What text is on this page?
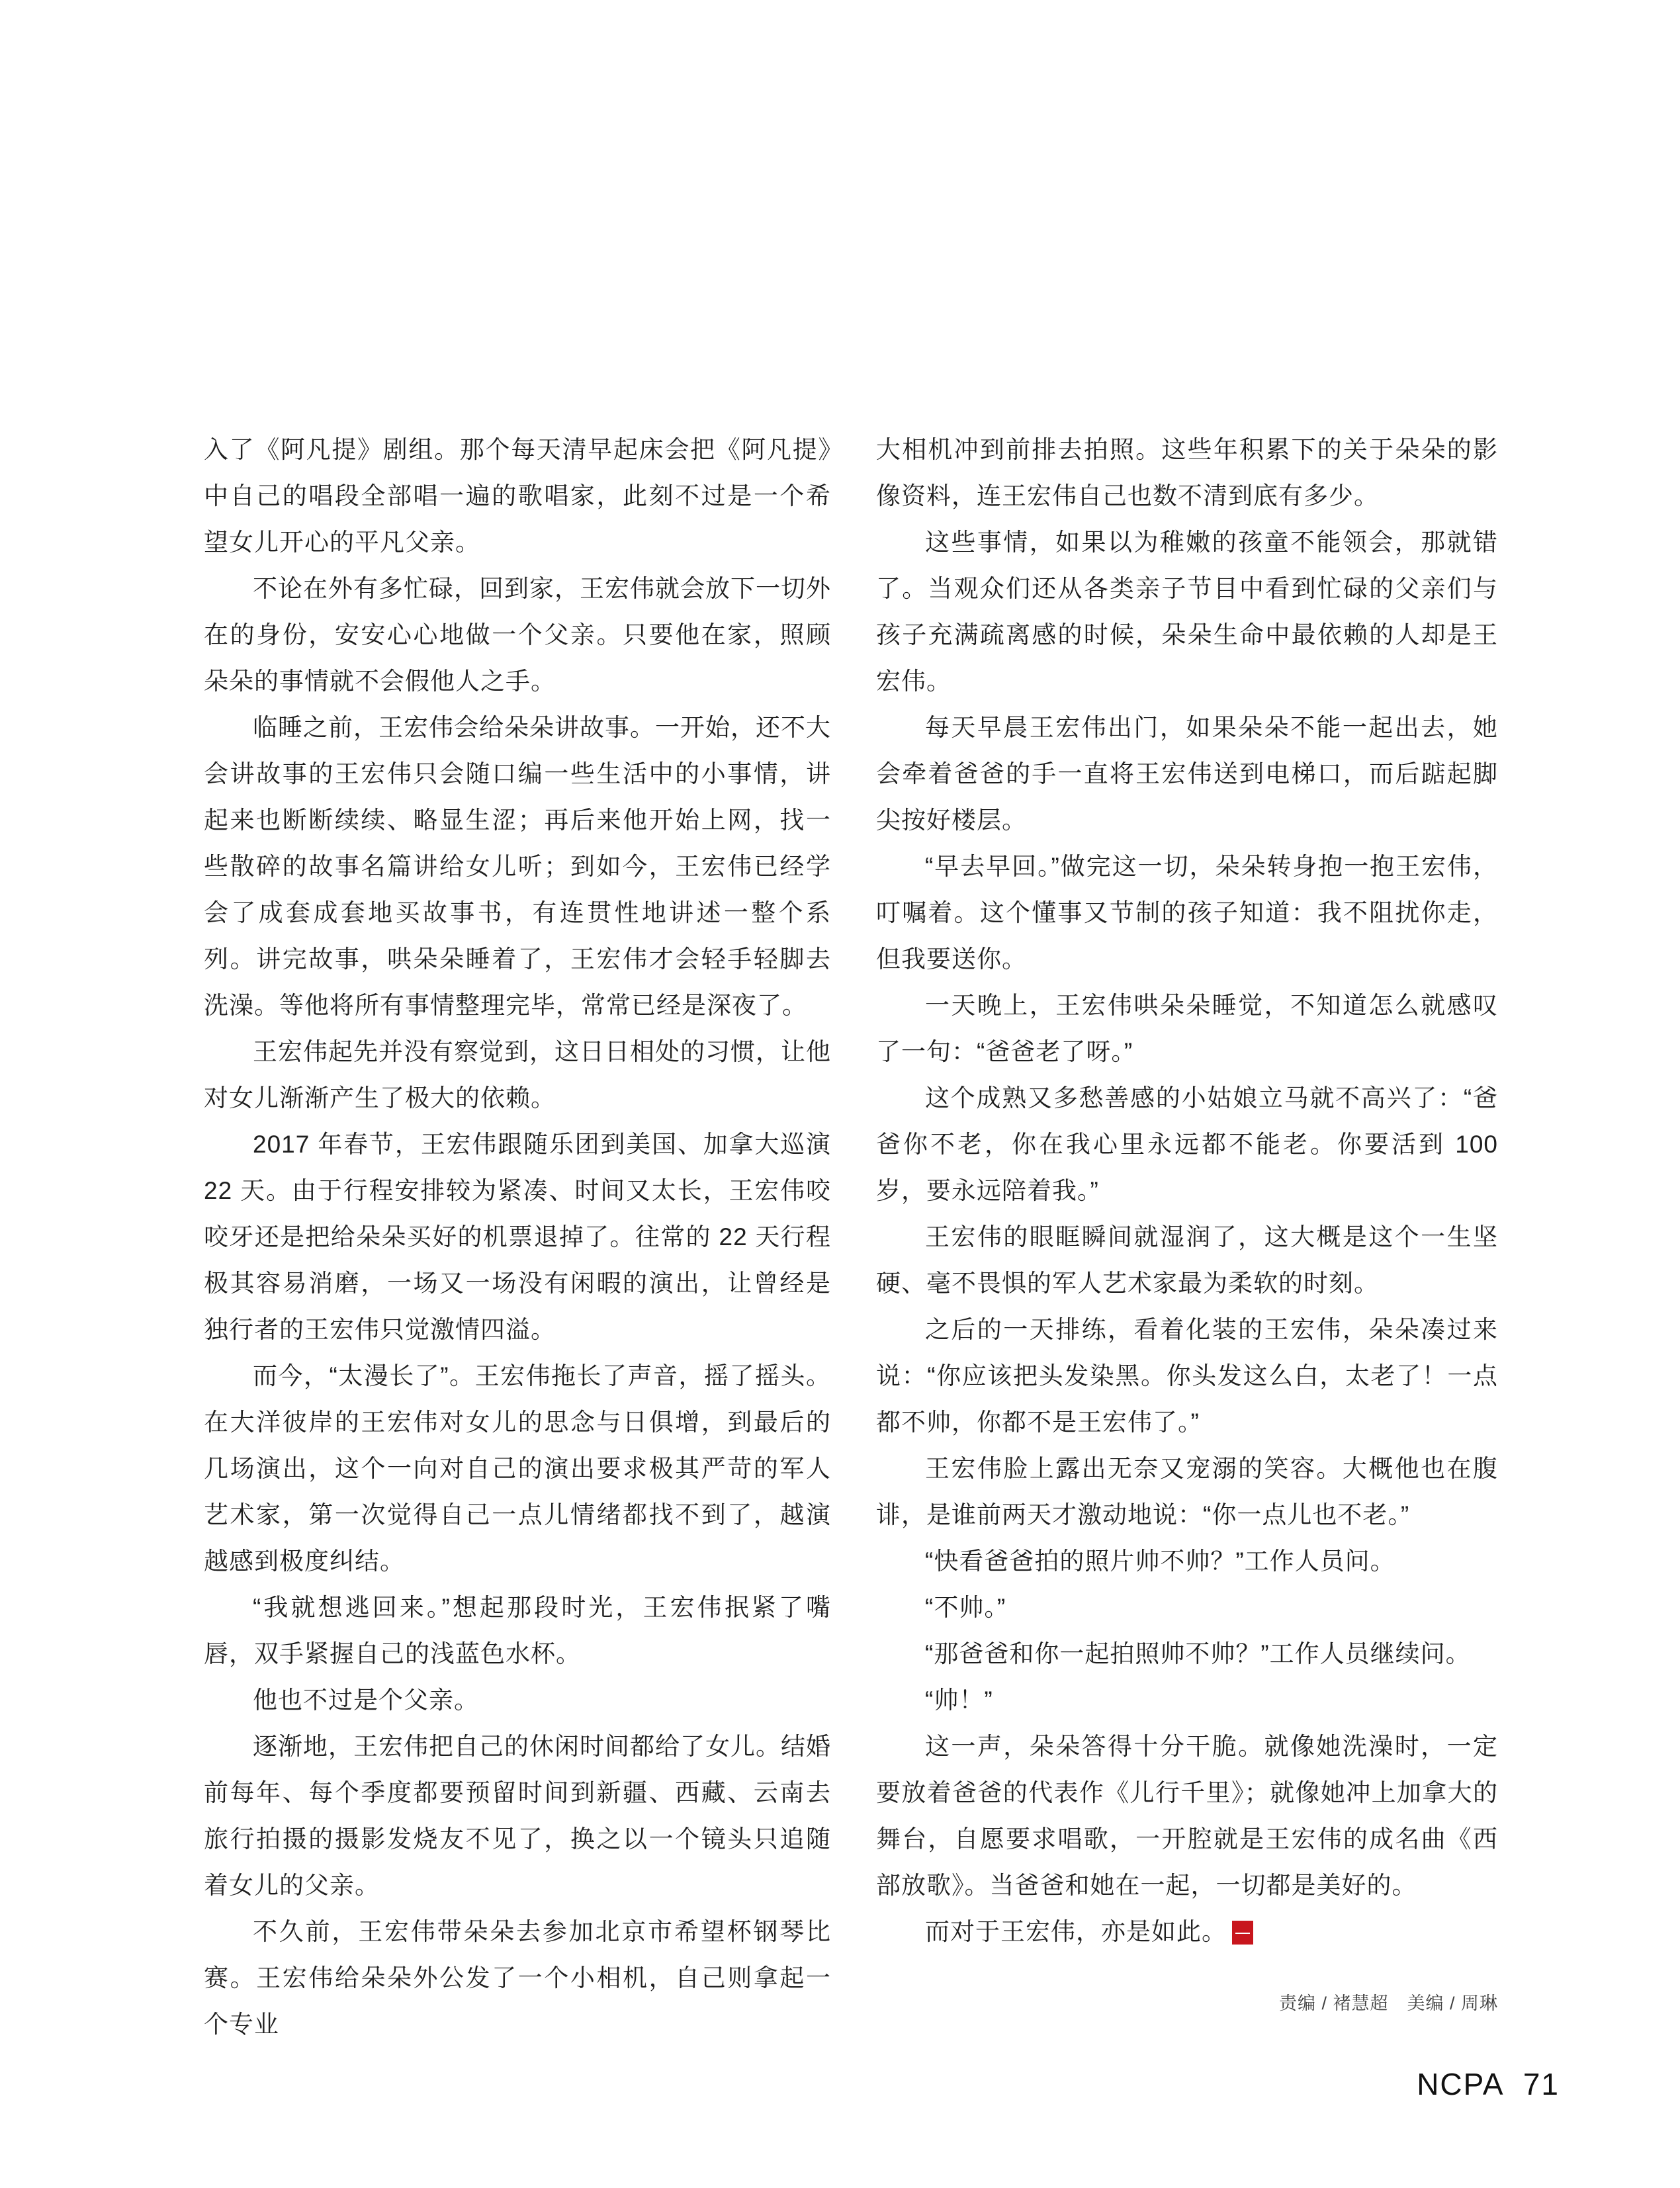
入了《阿凡提》剧组。那个每天清早起床会把《阿凡提》中自己的唱段全部唱一遍的歌唱家，此刻不过是一个希望女儿开心的平凡父亲。

不论在外有多忙碌，回到家，王宏伟就会放下一切外在的身份，安安心心地做一个父亲。只要他在家，照顾朵朵的事情就不会假他人之手。

临睡之前，王宏伟会给朵朵讲故事。一开始，还不大会讲故事的王宏伟只会随口编一些生活中的小事情，讲起来也断断续续、略显生涩；再后来他开始上网，找一些散碎的故事名篇讲给女儿听；到如今，王宏伟已经学会了成套成套地买故事书，有连贯性地讲述一整个系列。讲完故事，哄朵朵睡着了，王宏伟才会轻手轻脚去洗澡。等他将所有事情整理完毕，常常已经是深夜了。

王宏伟起先并没有察觉到，这日日相处的习惯，让他对女儿渐渐产生了极大的依赖。

2017 年春节，王宏伟跟随乐团到美国、加拿大巡演 22 天。由于行程安排较为紧凑、时间又太长，王宏伟咬咬牙还是把给朵朵买好的机票退掉了。往常的 22 天行程极其容易消磨，一场又一场没有闲暇的演出，让曾经是独行者的王宏伟只觉激情四溢。

而今，“太漫长了”。王宏伟拖长了声音，摇了摇头。在大洋彼岸的王宏伟对女儿的思念与日俱增，到最后的几场演出，这个一向对自己的演出要求极其严苛的军人艺术家，第一次觉得自己一点儿情绪都找不到了，越演越感到极度纠结。

“我就想逃回来。”想起那段时光，王宏伟抿紧了嘴唇，双手紧握自己的浅蓝色水杯。

他也不过是个父亲。

逐渐地，王宏伟把自己的休闲时间都给了女儿。结婚前每年、每个季度都要预留时间到新疆、西藏、云南去旅行拍摄的摄影发烧友不见了，换之以一个镜头只追随着女儿的父亲。

不久前，王宏伟带朵朵去参加北京市希望杯钢琴比赛。王宏伟给朵朵外公发了一个小相机，自己则拿起一个专业

大相机冲到前排去拍照。这些年积累下的关于朵朵的影像资料，连王宏伟自己也数不清到底有多少。

这些事情，如果以为稚嫩的孩童不能领会，那就错了。当观众们还从各类亲子节目中看到忙碌的父亲们与孩子充满疏离感的时候，朵朵生命中最依赖的人却是王宏伟。

每天早晨王宏伟出门，如果朵朵不能一起出去，她会牵着爸爸的手一直将王宏伟送到电梯口，而后踮起脚尖按好楼层。

“早去早回。”做完这一切，朵朵转身抱一抱王宏伟，叮嘱着。这个懂事又节制的孩子知道：我不阻扰你走，但我要送你。

一天晚上，王宏伟哄朵朵睡觉，不知道怎么就感叹了一句：“爸爸老了呀。”

这个成熟又多愁善感的小姑娘立马就不高兴了：“爸爸你不老，你在我心里永远都不能老。你要活到 100 岁，要永远陪着我。”

王宏伟的眼眶瞬间就湿润了，这大概是这个一生坚硬、毫不畏惧的军人艺术家最为柔软的时刻。

之后的一天排练，看着化装的王宏伟，朵朵凑过来说：“你应该把头发染黑。你头发这么白，太老了！一点都不帅，你都不是王宏伟了。”

王宏伟脸上露出无奈又宠溺的笑容。大概他也在腹诽，是谁前两天才激动地说：“你一点儿也不老。”

“快看爸爸拍的照片帅不帅？”工作人员问。

“不帅。”

“那爸爸和你一起拍照帅不帅？”工作人员继续问。

“帅！”

这一声，朵朵答得十分干脆。就像她洗澡时，一定要放着爸爸的代表作《儿行千里》；就像她冲上加拿大的舞台，自愿要求唱歌，一开腔就是王宏伟的成名曲《西部放歌》。当爸爸和她在一起，一切都是美好的。

而对于王宏伟，亦是如此。 $\frac{NC}{PA}$

责编 / 褚慧超　美编 / 周琳
NCPA 71
